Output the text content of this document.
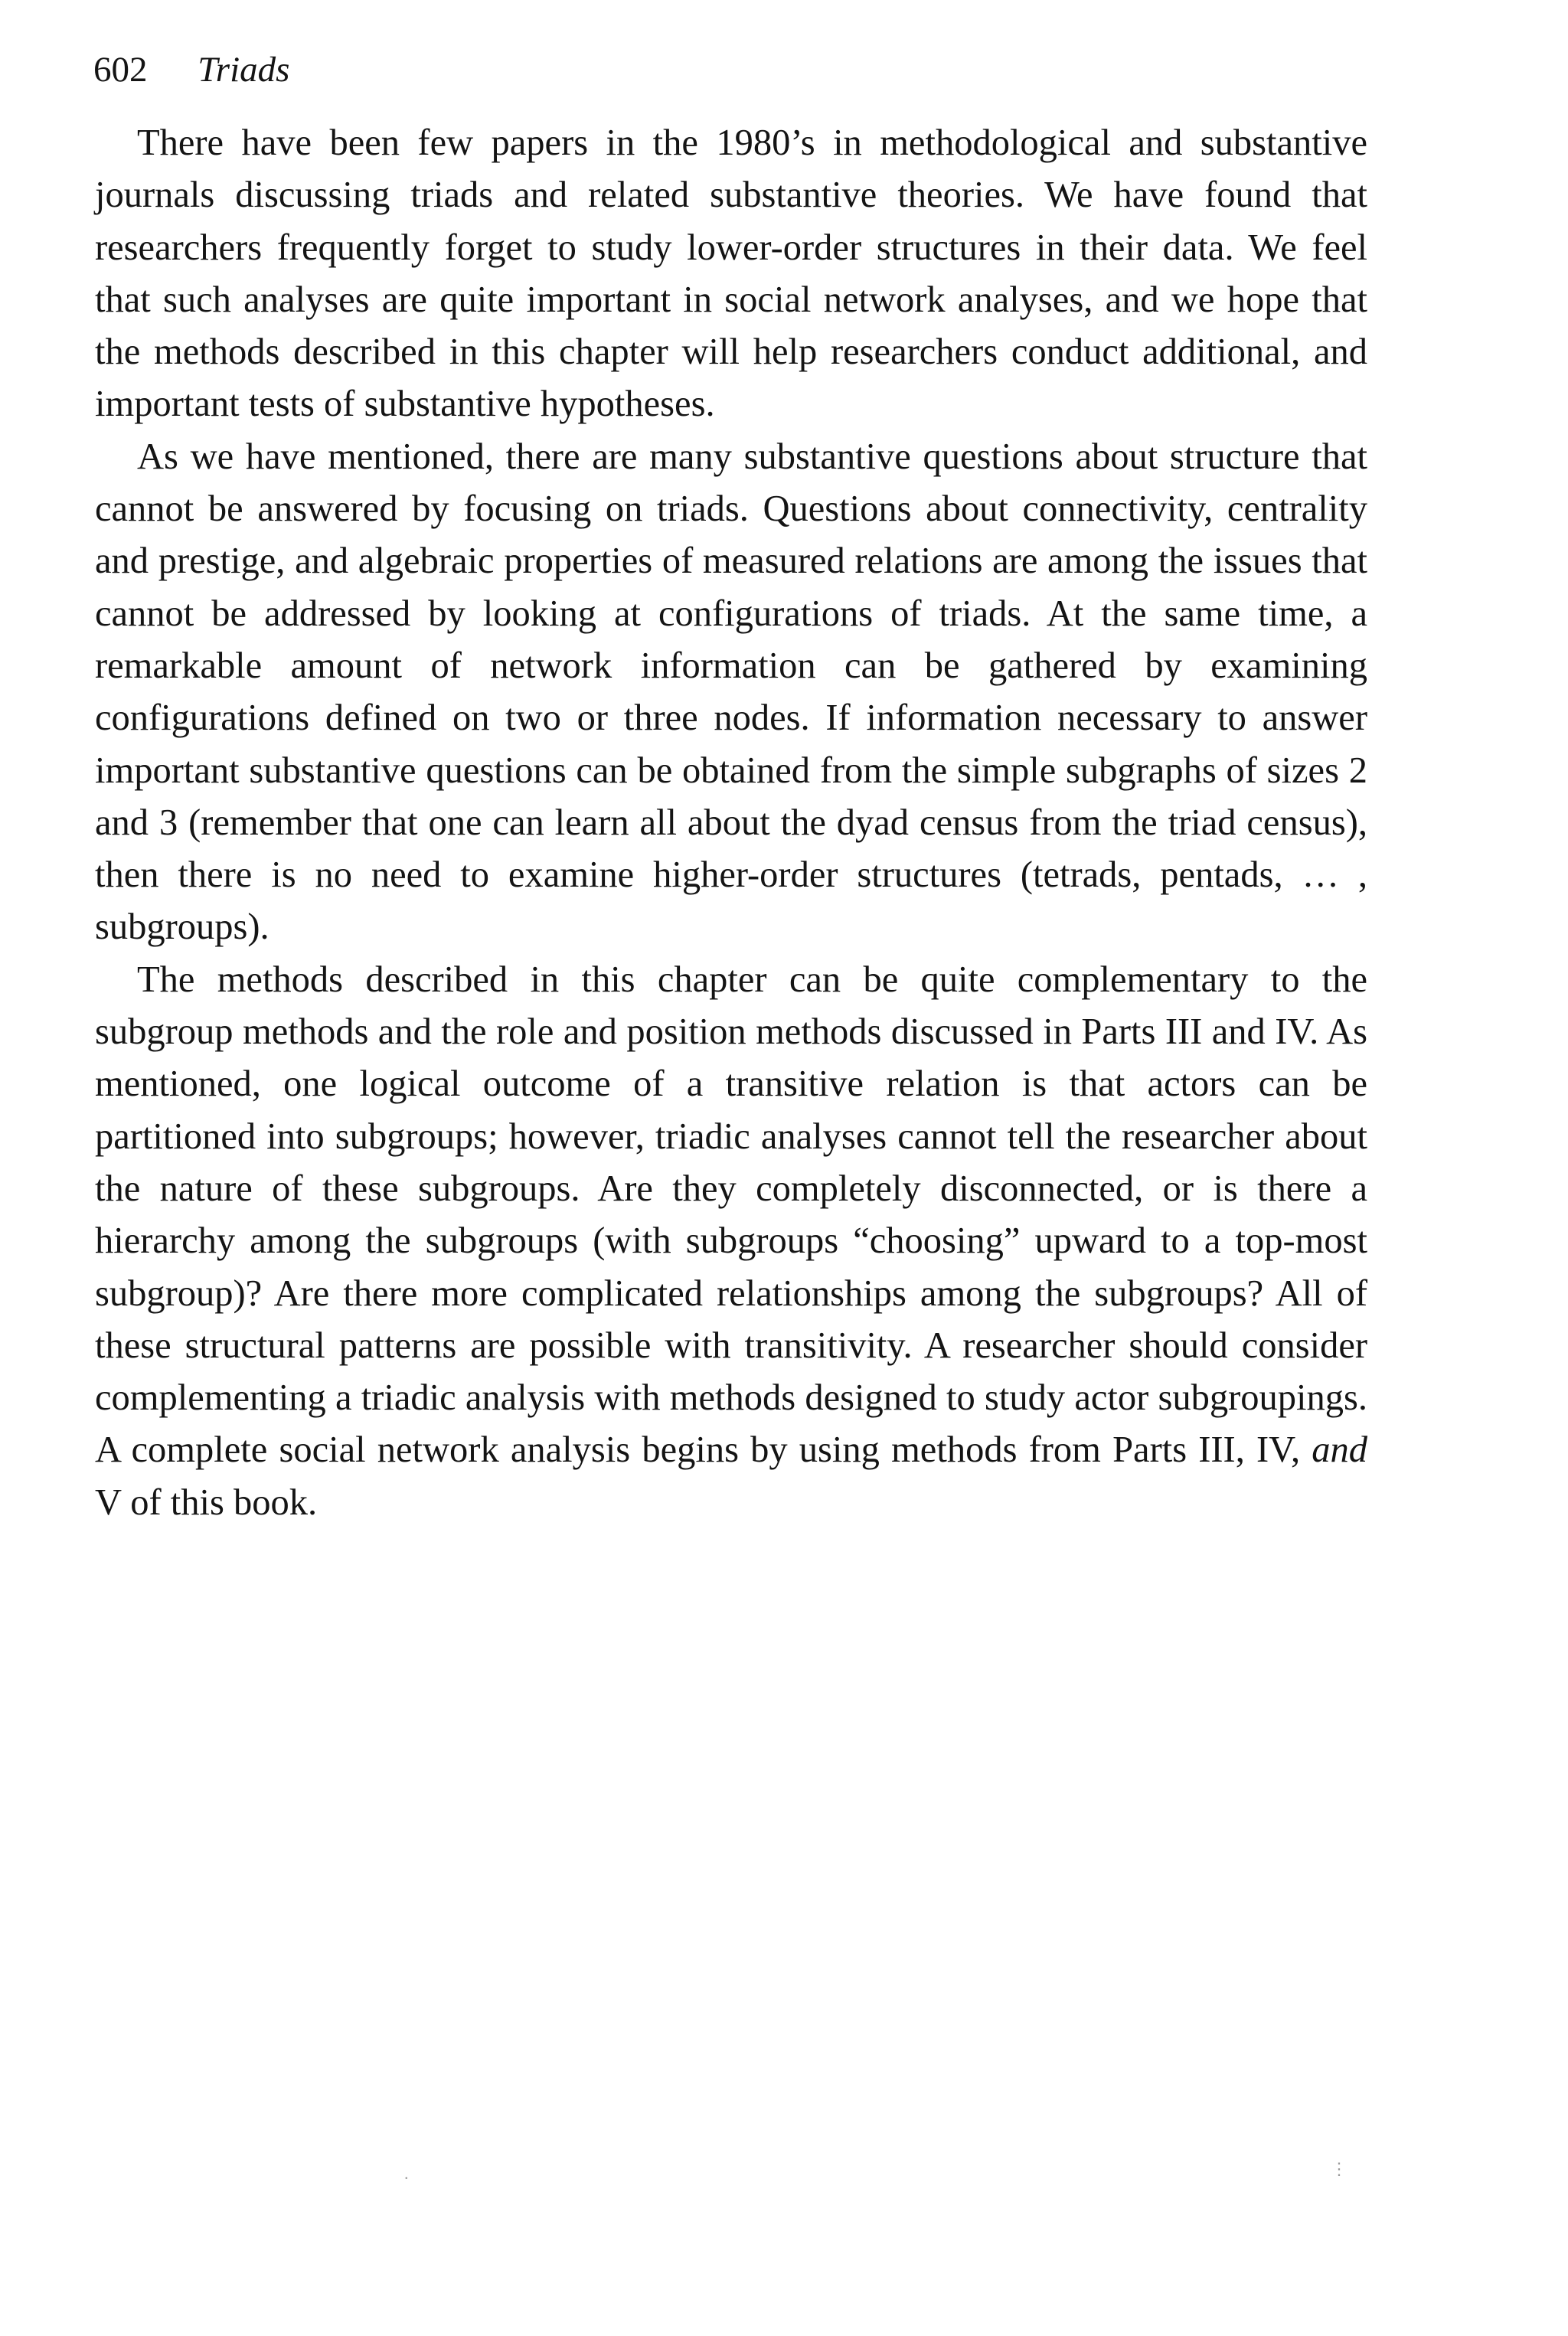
602 Triads

There have been few papers in the 1980’s in methodological and substantive journals discussing triads and related substantive theories. We have found that researchers frequently forget to study lower-order structures in their data. We feel that such analyses are quite important in social network analyses, and we hope that the methods described in this chapter will help researchers conduct additional, and important tests of substantive hypotheses.

As we have mentioned, there are many substantive questions about structure that cannot be answered by focusing on triads. Questions about connectivity, centrality and prestige, and algebraic properties of measured relations are among the issues that cannot be addressed by looking at configurations of triads. At the same time, a remarkable amount of network information can be gathered by examining configurations defined on two or three nodes. If information necessary to answer important substantive questions can be obtained from the simple subgraphs of sizes 2 and 3 (remember that one can learn all about the dyad census from the triad census), then there is no need to examine higher-order structures (tetrads, pentads, … , subgroups).

The methods described in this chapter can be quite complementary to the subgroup methods and the role and position methods discussed in Parts III and IV. As mentioned, one logical outcome of a transitive relation is that actors can be partitioned into subgroups; however, triadic analyses cannot tell the researcher about the nature of these subgroups. Are they completely disconnected, or is there a hierarchy among the subgroups (with subgroups “choosing” upward to a top-most subgroup)? Are there more complicated relationships among the subgroups? All of these structural patterns are possible with transitivity. A researcher should consider complementing a triadic analysis with methods designed to study actor subgroupings. A complete social network analysis begins by using methods from Parts III, IV, and V of this book.

.	⋮
